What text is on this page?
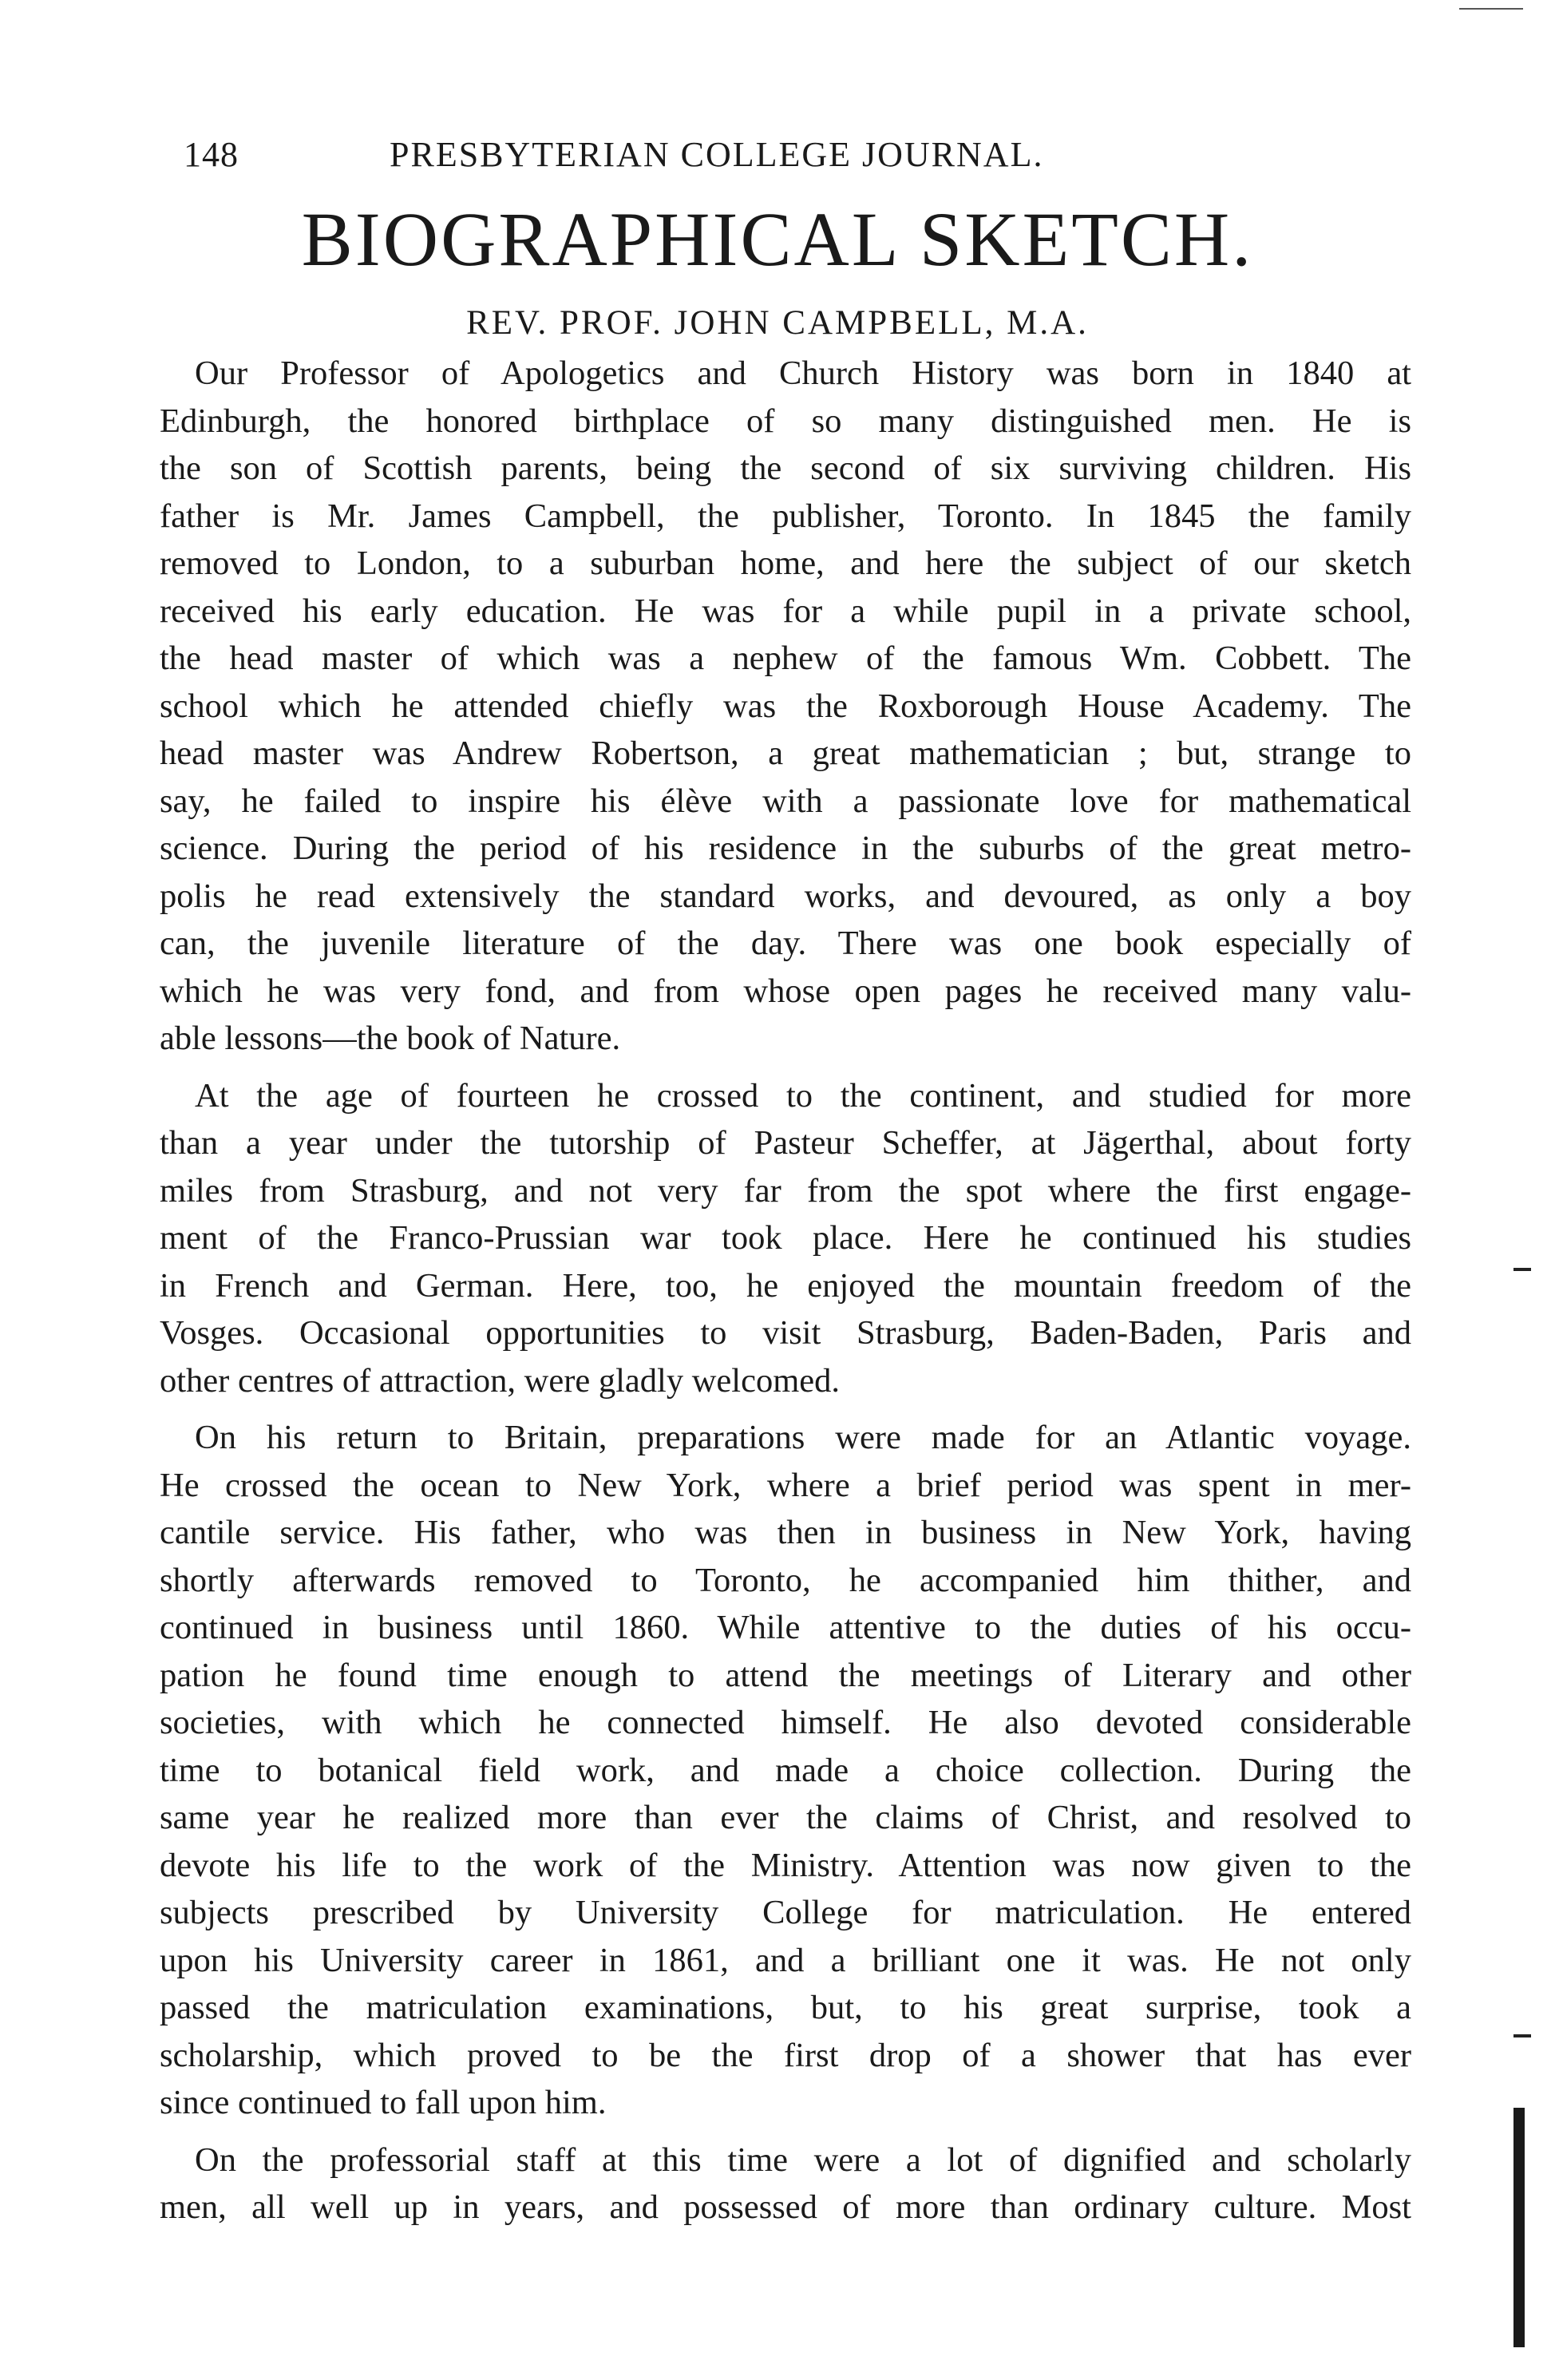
148	PRESBYTERIAN COLLEGE JOURNAL.
BIOGRAPHICAL SKETCH.
REV. PROF. JOHN CAMPBELL, M.A.
Our Professor of Apologetics and Church History was born in 1840 at
Edinburgh, the honored birthplace of so many distinguished men. He is
the son of Scottish parents, being the second of six surviving children. His
father is Mr. James Campbell, the publisher, Toronto. In 1845 the family
removed to London, to a suburban home, and here the subject of our sketch
received his early education. He was for a while pupil in a private school,
the head master of which was a nephew of the famous Wm. Cobbett. The
school which he attended chiefly was the Roxborough House Academy. The
head master was Andrew Robertson, a great mathematician ; but, strange to
say, he failed to inspire his élève with a passionate love for mathematical
science. During the period of his residence in the suburbs of the great metro-
polis he read extensively the standard works, and devoured, as only a boy
can, the juvenile literature of the day. There was one book especially of
which he was very fond, and from whose open pages he received many valu-
able lessons—the book of Nature.
At the age of fourteen he crossed to the continent, and studied for more
than a year under the tutorship of Pasteur Scheffer, at Jägerthal, about forty
miles from Strasburg, and not very far from the spot where the first engage-
ment of the Franco-Prussian war took place. Here he continued his studies
in French and German. Here, too, he enjoyed the mountain freedom of the
Vosges. Occasional opportunities to visit Strasburg, Baden-Baden, Paris and
other centres of attraction, were gladly welcomed.
On his return to Britain, preparations were made for an Atlantic voyage.
He crossed the ocean to New York, where a brief period was spent in mer-
cantile service. His father, who was then in business in New York, having
shortly afterwards removed to Toronto, he accompanied him thither, and
continued in business until 1860. While attentive to the duties of his occu-
pation he found time enough to attend the meetings of Literary and other
societies, with which he connected himself. He also devoted considerable
time to botanical field work, and made a choice collection. During the
same year he realized more than ever the claims of Christ, and resolved to
devote his life to the work of the Ministry. Attention was now given to the
subjects prescribed by University College for matriculation. He entered
upon his University career in 1861, and a brilliant one it was. He not only
passed the matriculation examinations, but, to his great surprise, took a
scholarship, which proved to be the first drop of a shower that has ever
since continued to fall upon him.
On the professorial staff at this time were a lot of dignified and scholarly
men, all well up in years, and possessed of more than ordinary culture. Most
